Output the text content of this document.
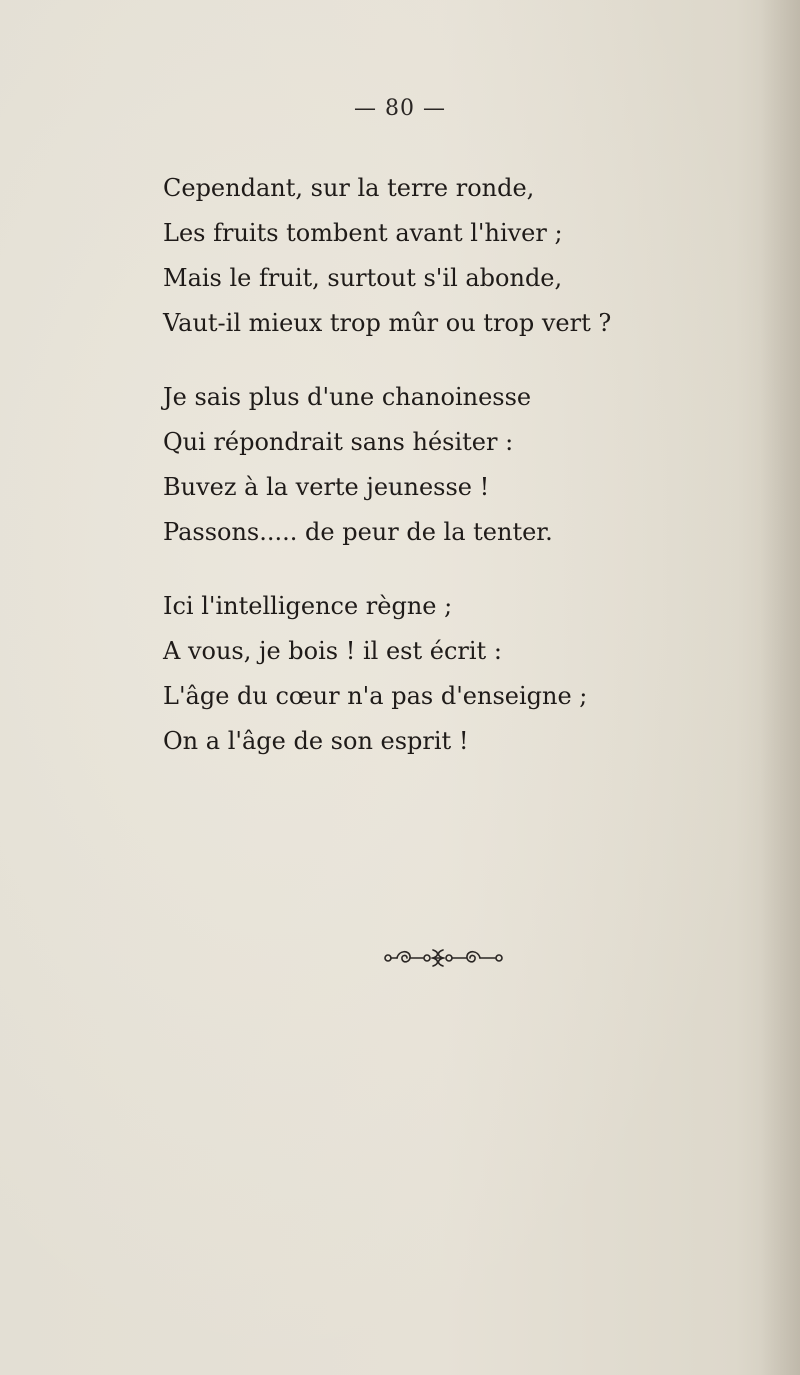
— 80 —
Cependant, sur la terre ronde,
Les fruits tombent avant l'hiver ;
Mais le fruit, surtout s'il abonde,
Vaut-il mieux trop mûr ou trop vert ?
Je sais plus d'une chanoinesse
Qui répondrait sans hésiter :
Buvez à la verte jeunesse !
Passons..... de peur de la tenter.
Ici l'intelligence règne ;
A vous, je bois ! il est écrit :
L'âge du cœur n'a pas d'enseigne ;
On a l'âge de son esprit !
